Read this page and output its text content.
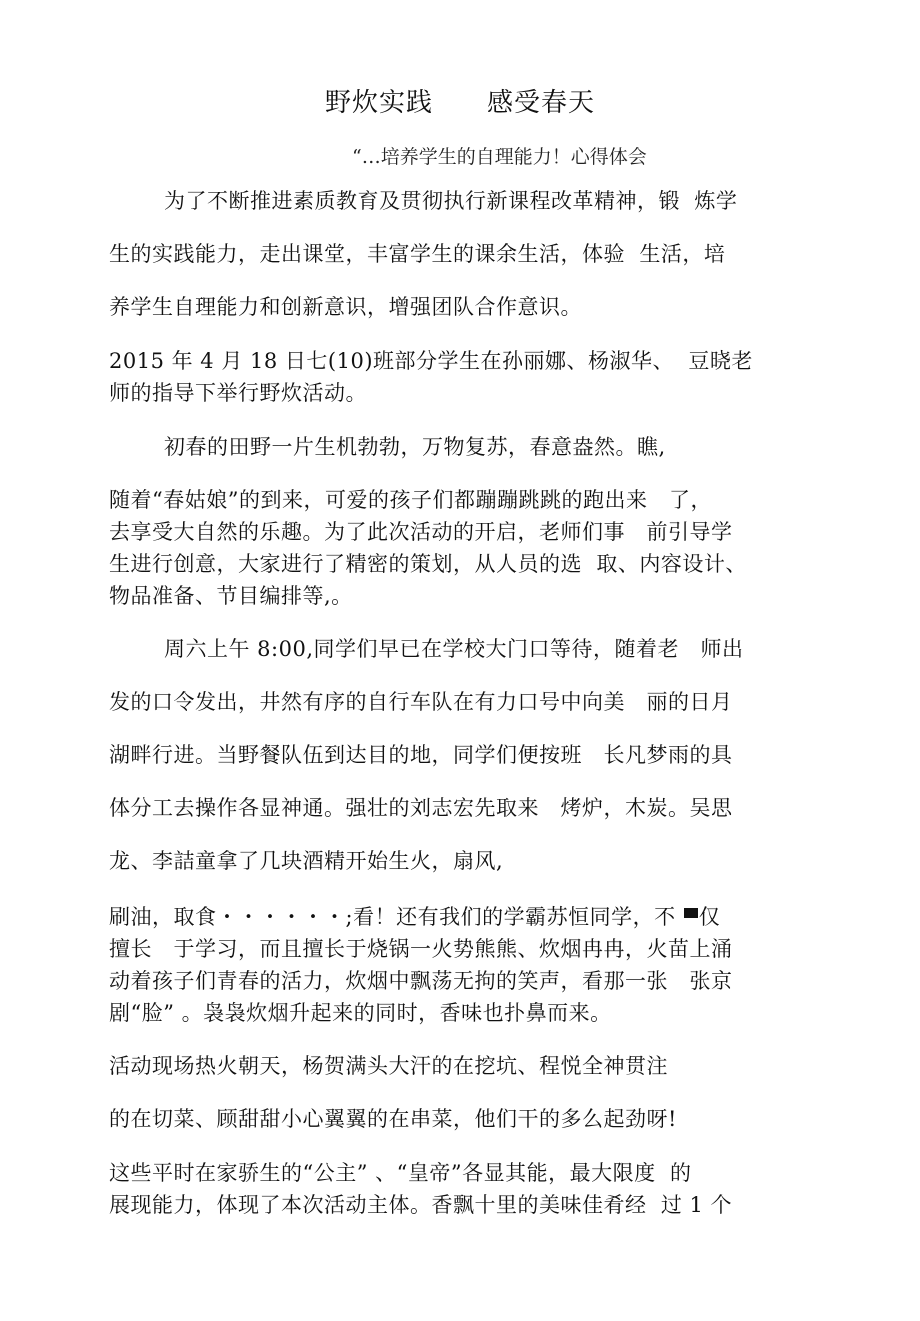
野炊实践　　感受春天
“…培养学生的自理能力！心得体会
为了不断推进素质教育及贯彻执行新课程改革精神，锻  炼学
生的实践能力，走出课堂，丰富学生的课余生活，体验  生活，培
养学生自理能力和创新意识，增强团队合作意识。
2015 年 4 月 18 日七(10)班部分学生在孙丽娜、杨淑华、  豆晓老
师的指导下举行野炊活动。
初春的田野一片生机勃勃，万物复苏，春意盎然。瞧,
随着“春姑娘”的到来，可爱的孩子们都蹦蹦跳跳的跑出来   了，
去享受大自然的乐趣。为了此次活动的开启，老师们事   前引导学
生进行创意，大家进行了精密的策划，从人员的选  取、内容设计、
物品准备、节目编排等,。
周六上午 8:00,同学们早已在学校大门口等待，随着老   师出
发的口令发出，井然有序的自行车队在有力口号中向美   丽的日月
湖畔行进。当野餐队伍到达目的地，同学们便按班   长凡梦雨的具
体分工去操作各显神通。强壮的刘志宏先取来   烤炉，木炭。吴思
龙、李詰童拿了几块酒精开始生火，扇风,
刷油，取食・・・・・・;看！还有我们的学霸苏恒同学，不 仅
擅长   于学习，而且擅长于烧锅一火势熊熊、炊烟冉冉，火苗上涌
动着孩子们青春的活力，炊烟中飘荡无拘的笑声，看那一张   张京
剧“脸” 。袅袅炊烟升起来的同时，香味也扑鼻而来。
活动现场热火朝天，杨贺满头大汗的在挖坑、程悦全神贯注
的在切菜、顾甜甜小心翼翼的在串菜，他们干的多么起劲呀!
这些平时在家骄生的“公主” 、“皇帝”各显其能，最大限度  的
展现能力，体现了本次活动主体。香飘十里的美味佳肴经  过 1 个
